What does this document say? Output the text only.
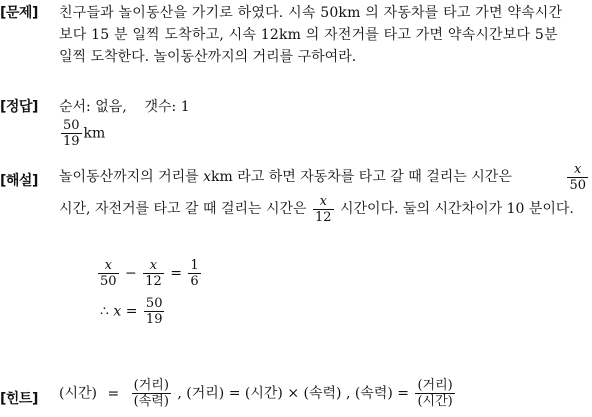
[문제] 친구들과 놀이동산을 가기로 하였다. 시속 50km 의 자동차를 타고 가면 약속시간
보다 15 분 일찍 도착하고, 시속 12km 의 자전거를 타고 가면 약속시간보다 5분
일찍 도착한다. 놀이동산까지의 거리를 구하여라.
[정답] 순서: 없음,    갯수: 1
$\frac{50}{19}$ km
[해설] 놀이동산까지의 거리를 xkm 라고 하면 자동차를 타고 갈 때 걸리는 시간은	$\frac{x}{50}$
시간, 자전거를 타고 갈 때 걸리는 시간은 $\frac{x}{12}$ 시간이다. 둘의 시간차이가 10 분이다.
$\frac{x}{50} - \frac{x}{12} = \frac{1}{6}$
∴ $x = \frac{50}{19}$
[힌트] (시간) = $\frac{\text{(거리)}}{\text{(속력)}}$ , (거리) = (시간) × (속력) , (속력) = $\frac{\text{(거리)}}{\text{(시간)}}$
